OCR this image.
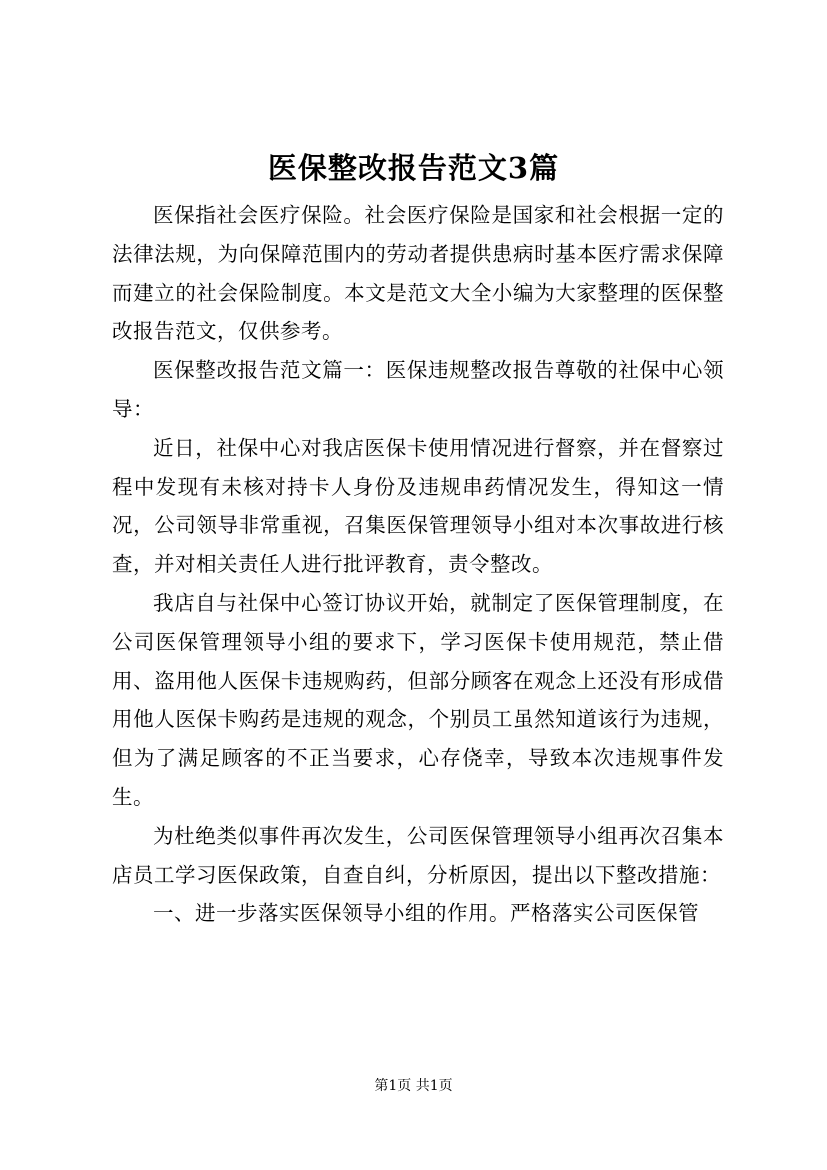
医保整改报告范文3篇

医保指社会医疗保险。社会医疗保险是国家和社会根据一定的法律法规，为向保障范围内的劳动者提供患病时基本医疗需求保障而建立的社会保险制度。本文是范文大全小编为大家整理的医保整改报告范文，仅供参考。

医保整改报告范文篇一：医保违规整改报告尊敬的社保中心领导：

近日，社保中心对我店医保卡使用情况进行督察，并在督察过程中发现有未核对持卡人身份及违规串药情况发生，得知这一情况，公司领导非常重视，召集医保管理领导小组对本次事故进行核查，并对相关责任人进行批评教育，责令整改。

我店自与社保中心签订协议开始，就制定了医保管理制度，在公司医保管理领导小组的要求下，学习医保卡使用规范，禁止借用、盗用他人医保卡违规购药，但部分顾客在观念上还没有形成借用他人医保卡购药是违规的观念，个别员工虽然知道该行为违规，但为了满足顾客的不正当要求，心存侥幸，导致本次违规事件发生。

为杜绝类似事件再次发生，公司医保管理领导小组再次召集本店员工学习医保政策，自查自纠，分析原因，提出以下整改措施：

一、进一步落实医保领导小组的作用。严格落实公司医保管

第1页 共1页
